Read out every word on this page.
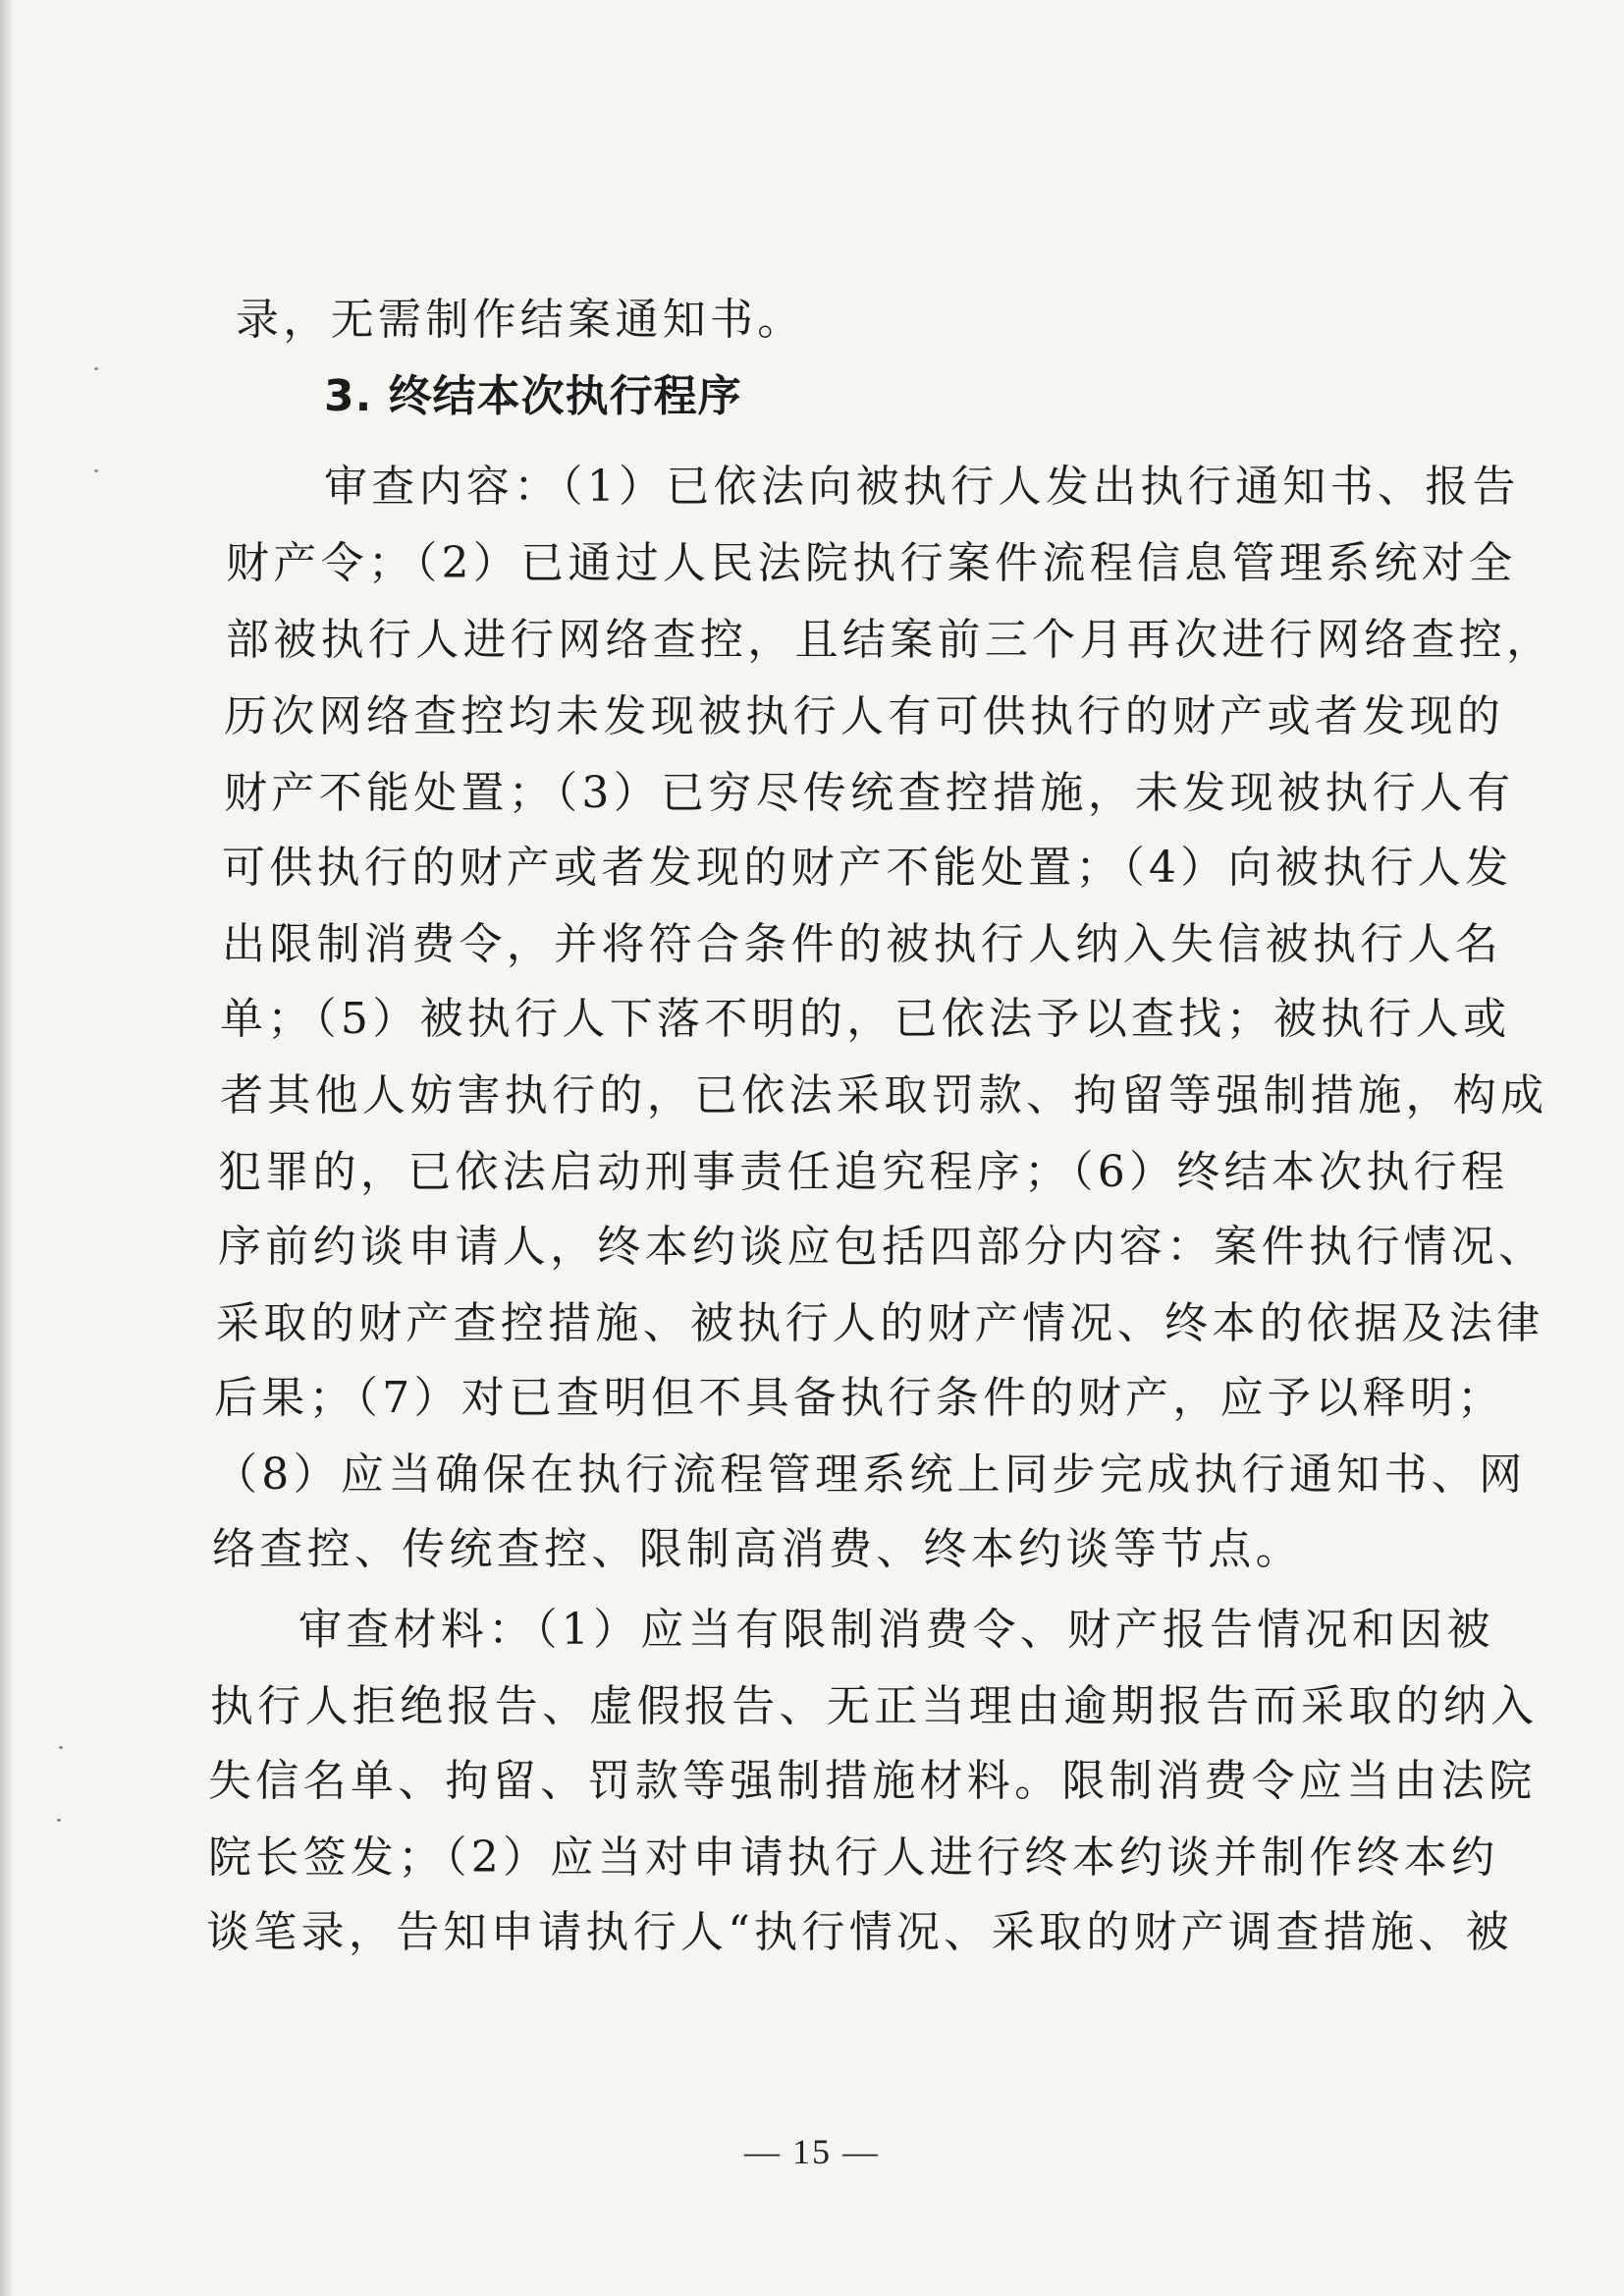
录，无需制作结案通知书。
3. 终结本次执行程序
审查内容：（1）已依法向被执行人发出执行通知书、报告
财产令；（2）已通过人民法院执行案件流程信息管理系统对全
部被执行人进行网络查控，且结案前三个月再次进行网络查控，
历次网络查控均未发现被执行人有可供执行的财产或者发现的
财产不能处置；（3）已穷尽传统查控措施，未发现被执行人有
可供执行的财产或者发现的财产不能处置；（4）向被执行人发
出限制消费令，并将符合条件的被执行人纳入失信被执行人名
单；（5）被执行人下落不明的，已依法予以查找；被执行人或
者其他人妨害执行的，已依法采取罚款、拘留等强制措施，构成
犯罪的，已依法启动刑事责任追究程序；（6）终结本次执行程
序前约谈申请人，终本约谈应包括四部分内容：案件执行情况、
采取的财产查控措施、被执行人的财产情况、终本的依据及法律
后果；（7）对已查明但不具备执行条件的财产，应予以释明；
（8）应当确保在执行流程管理系统上同步完成执行通知书、网
络查控、传统查控、限制高消费、终本约谈等节点。
审查材料：（1）应当有限制消费令、财产报告情况和因被
执行人拒绝报告、虚假报告、无正当理由逾期报告而采取的纳入
失信名单、拘留、罚款等强制措施材料。限制消费令应当由法院
院长签发；（2）应当对申请执行人进行终本约谈并制作终本约
谈笔录，告知申请执行人“执行情况、采取的财产调查措施、被
— 15 —
